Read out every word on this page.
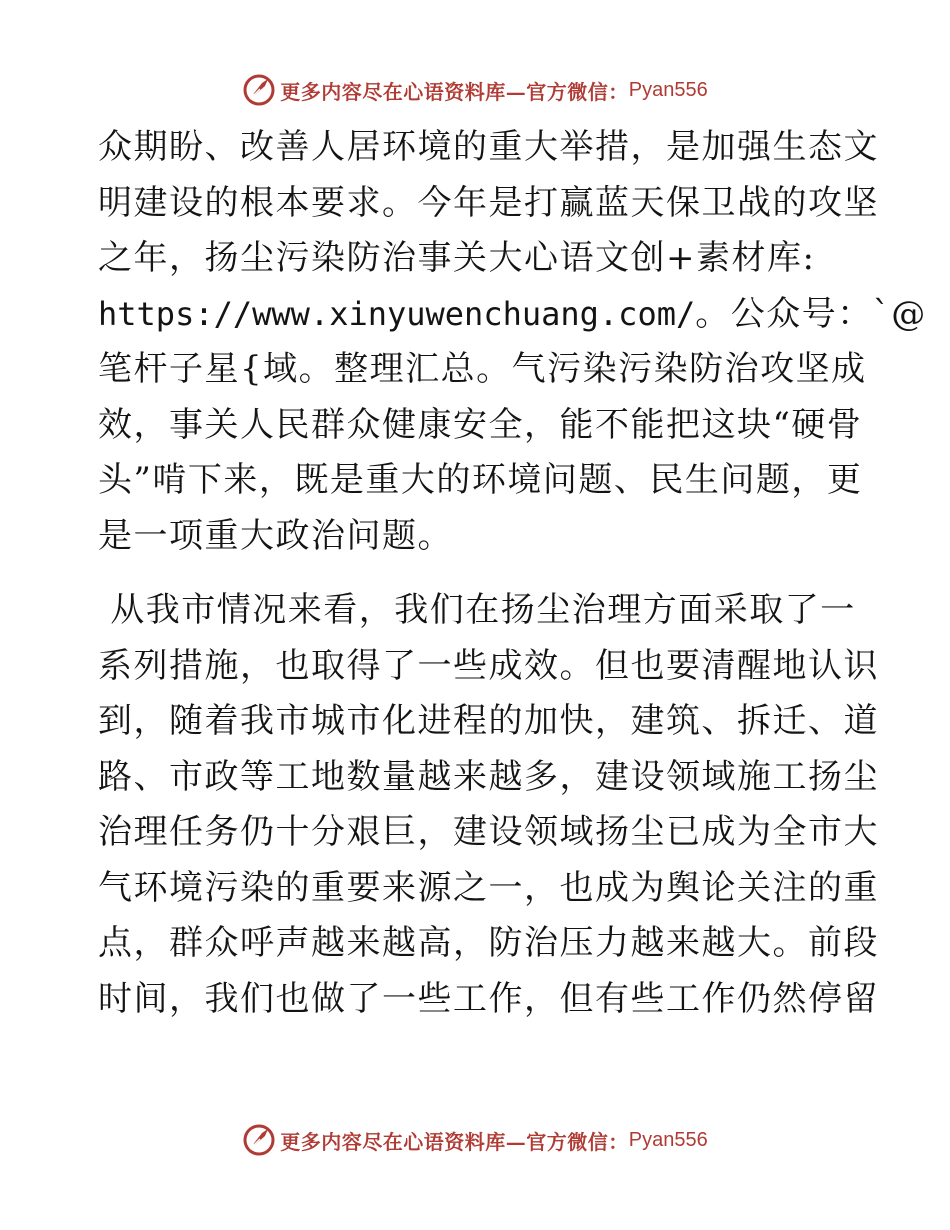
更多内容尽在心语资料库—官方微信： Pyan556
众期盼、改善人居环境的重大举措，是加强生态文
明建设的根本要求。今年是打赢蓝天保卫战的攻坚
之年，扬尘污染防治事关大心语文创+素材库:
https://www.xinyuwenchuang.com/。公众号：`@
笔杆子星{域。整理汇总。气污染污染防治攻坚成
效，事关人民群众健康安全，能不能把这块“硬骨
头”啃下来，既是重大的环境问题、民生问题，更
是一项重大政治问题。
从我市情况来看，我们在扬尘治理方面采取了一
系列措施，也取得了一些成效。但也要清醒地认识
到，随着我市城市化进程的加快，建筑、拆迁、道
路、市政等工地数量越来越多，建设领域施工扬尘
治理任务仍十分艰巨，建设领域扬尘已成为全市大
气环境污染的重要来源之一，也成为舆论关注的重
点，群众呼声越来越高，防治压力越来越大。前段
时间，我们也做了一些工作，但有些工作仍然停留
更多内容尽在心语资料库—官方微信： Pyan556
